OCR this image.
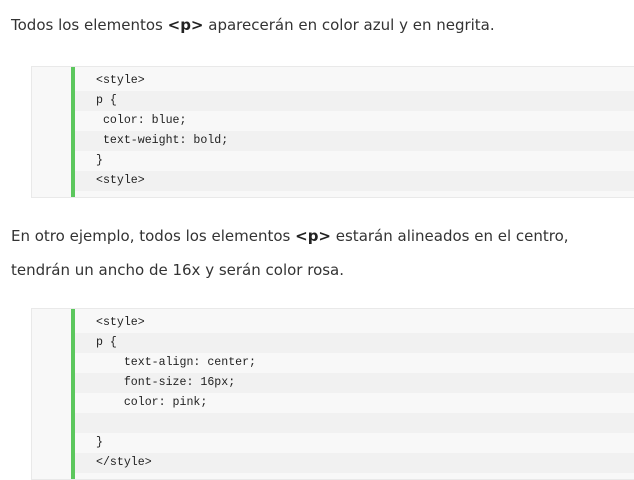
Todos los elementos <p> aparecerán en color azul y en negrita.

<style>
p {
color: blue;
text-weight: bold;
}
<style>
En otro ejemplo, todos los elementos <p> estarán alineados en el centro,
tendrán un ancho de 16x y serán color rosa.
<style>
p {
text-align: center;
font-size: 16px;
color: pink;
}
</style>
